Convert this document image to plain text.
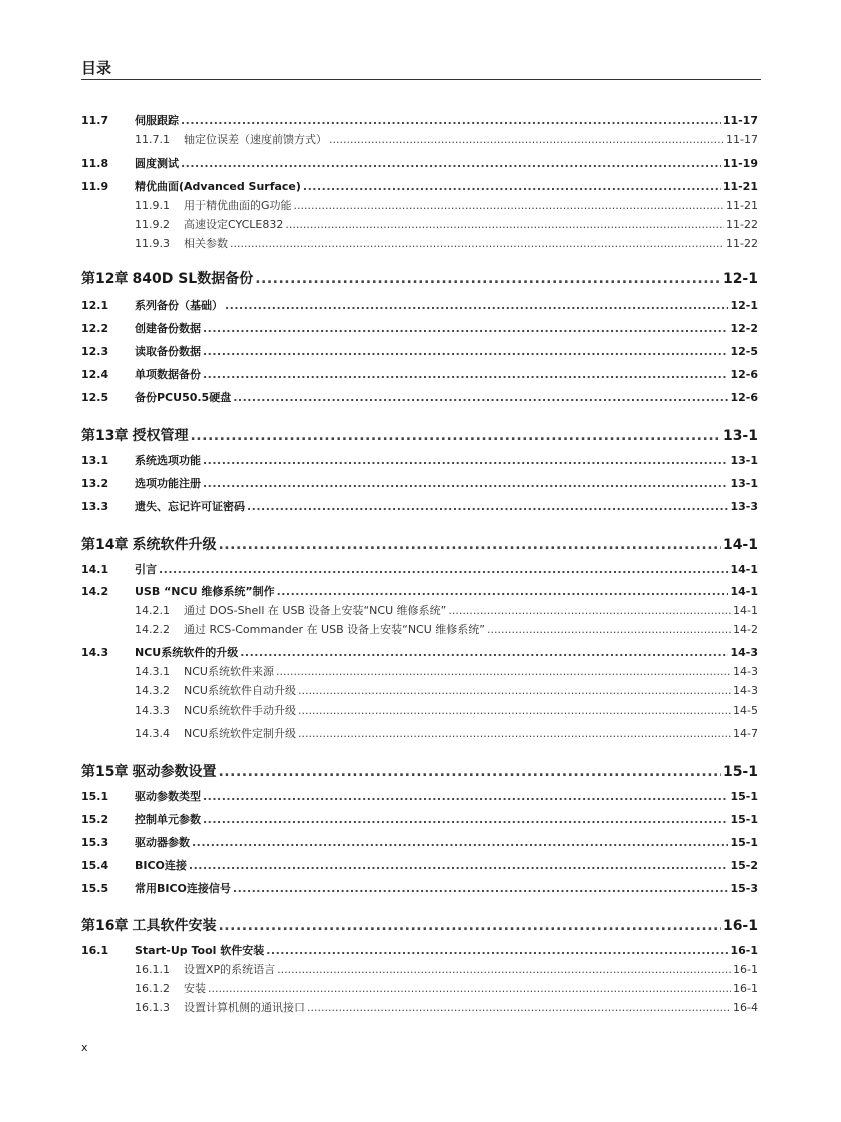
目录
11.7	伺服跟踪 .....	11-17
11.7.1	轴定位误差（速度前馈方式） .....	11-17
11.8	圆度测试 .....	11-19
11.9	精优曲面(Advanced Surface) .....	11-21
11.9.1	用于精优曲面的G功能 .....	11-21
11.9.2	高速设定CYCLE832 .....	11-22
11.9.3	相关参数 .....	11-22
第12章 840D SL数据备份 .....	12-1
12.1	系列备份（基础） .....	12-1
12.2	创建备份数据 .....	12-2
12.3	读取备份数据 .....	12-5
12.4	单项数据备份 .....	12-6
12.5	备份PCU50.5硬盘 .....	12-6
第13章 授权管理 .....	13-1
13.1	系统选项功能 .....	13-1
13.2	选项功能注册 .....	13-1
13.3	遗失、忘记许可证密码 .....	13-3
第14章 系统软件升级 .....	14-1
14.1	引言 .....	14-1
14.2	USB “NCU 维修系统”制作 .....	14-1
14.2.1	通过 DOS-Shell 在 USB 设备上安装“NCU 维修系统” .....	14-1
14.2.2	通过 RCS-Commander 在 USB 设备上安装“NCU 维修系统” .....	14-2
14.3	NCU系统软件的升级 .....	14-3
14.3.1	NCU系统软件来源 .....	14-3
14.3.2	NCU系统软件自动升级 .....	14-3
14.3.3	NCU系统软件手动升级 .....	14-5
14.3.4	NCU系统软件定制升级 .....	14-7
第15章 驱动参数设置 .....	15-1
15.1	驱动参数类型 .....	15-1
15.2	控制单元参数 .....	15-1
15.3	驱动器参数 .....	15-1
15.4	BICO连接 .....	15-2
15.5	常用BICO连接信号 .....	15-3
第16章 工具软件安装 .....	16-1
16.1	Start-Up Tool 软件安装 .....	16-1
16.1.1	设置XP的系统语言 .....	16-1
16.1.2	安装 .....	16-1
16.1.3	设置计算机侧的通讯接口 .....	16-4
x
